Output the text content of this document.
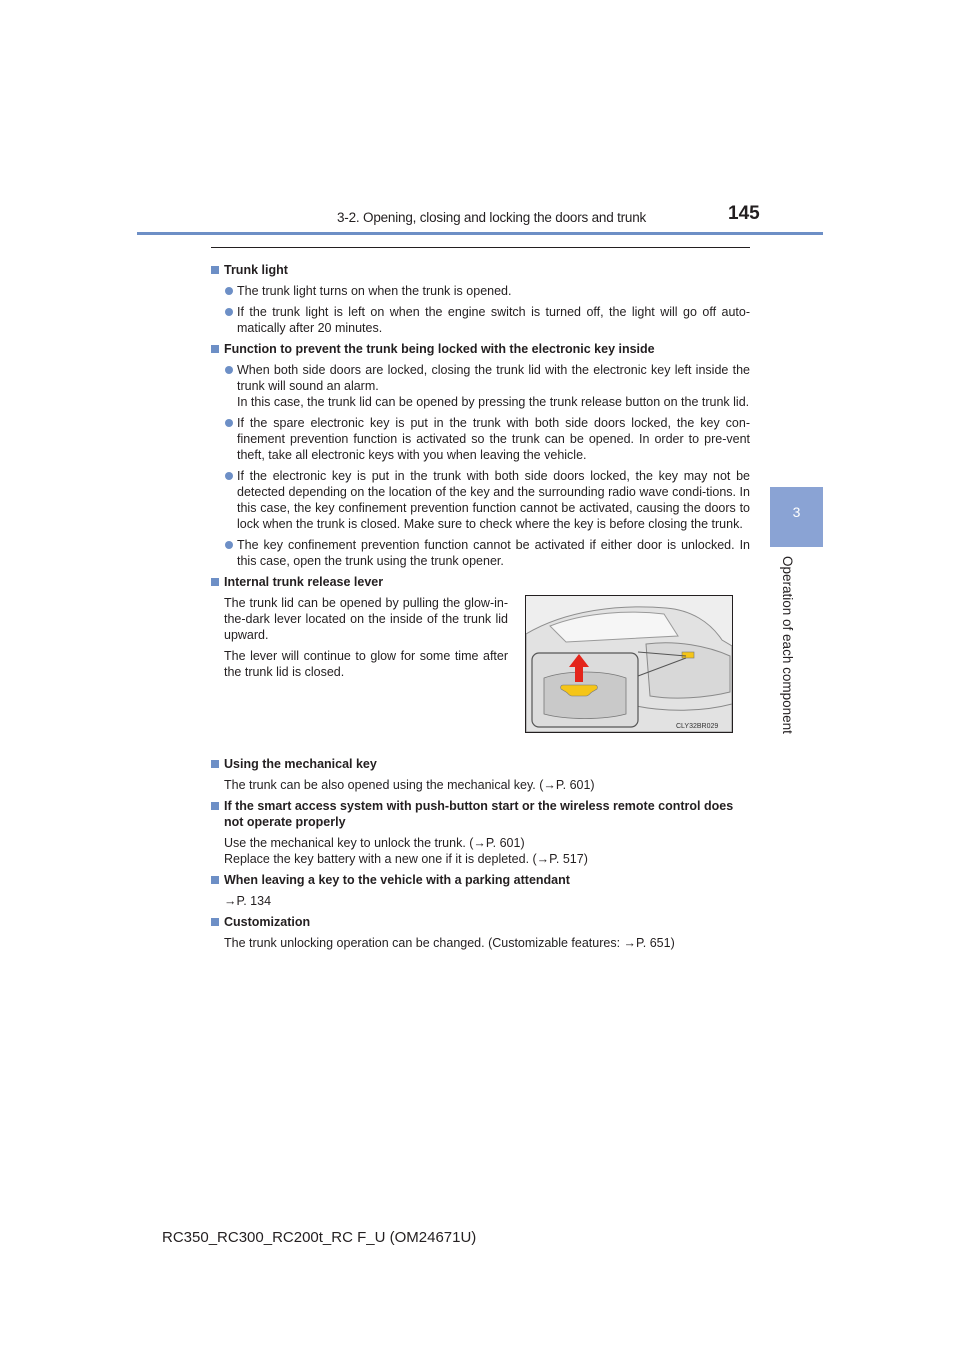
3-2. Opening, closing and locking the doors and trunk	145
3
Operation of each component
Trunk light
The trunk light turns on when the trunk is opened.
If the trunk light is left on when the engine switch is turned off, the light will go off auto-matically after 20 minutes.
Function to prevent the trunk being locked with the electronic key inside
When both side doors are locked, closing the trunk lid with the electronic key left inside the trunk will sound an alarm.
In this case, the trunk lid can be opened by pressing the trunk release button on the trunk lid.
If the spare electronic key is put in the trunk with both side doors locked, the key con-finement prevention function is activated so the trunk can be opened. In order to pre-vent theft, take all electronic keys with you when leaving the vehicle.
If the electronic key is put in the trunk with both side doors locked, the key may not be detected depending on the location of the key and the surrounding radio wave condi-tions. In this case, the key confinement prevention function cannot be activated, causing the doors to lock when the trunk is closed. Make sure to check where the key is before closing the trunk.
The key confinement prevention function cannot be activated if either door is unlocked. In this case, open the trunk using the trunk opener.
Internal trunk release lever

The trunk lid can be opened by pulling the glow-in-the-dark lever located on the inside of the trunk lid upward.

The lever will continue to glow for some time after the trunk lid is closed.

CLY32BR029
Using the mechanical key
The trunk can be also opened using the mechanical key. (→P. 601)
If the smart access system with push-button start or the wireless remote control does not operate properly
Use the mechanical key to unlock the trunk. (→P. 601)
Replace the key battery with a new one if it is depleted. (→P. 517)
When leaving a key to the vehicle with a parking attendant
→P. 134
Customization
The trunk unlocking operation can be changed. (Customizable features: →P. 651)
RC350_RC300_RC200t_RC F_U (OM24671U)
